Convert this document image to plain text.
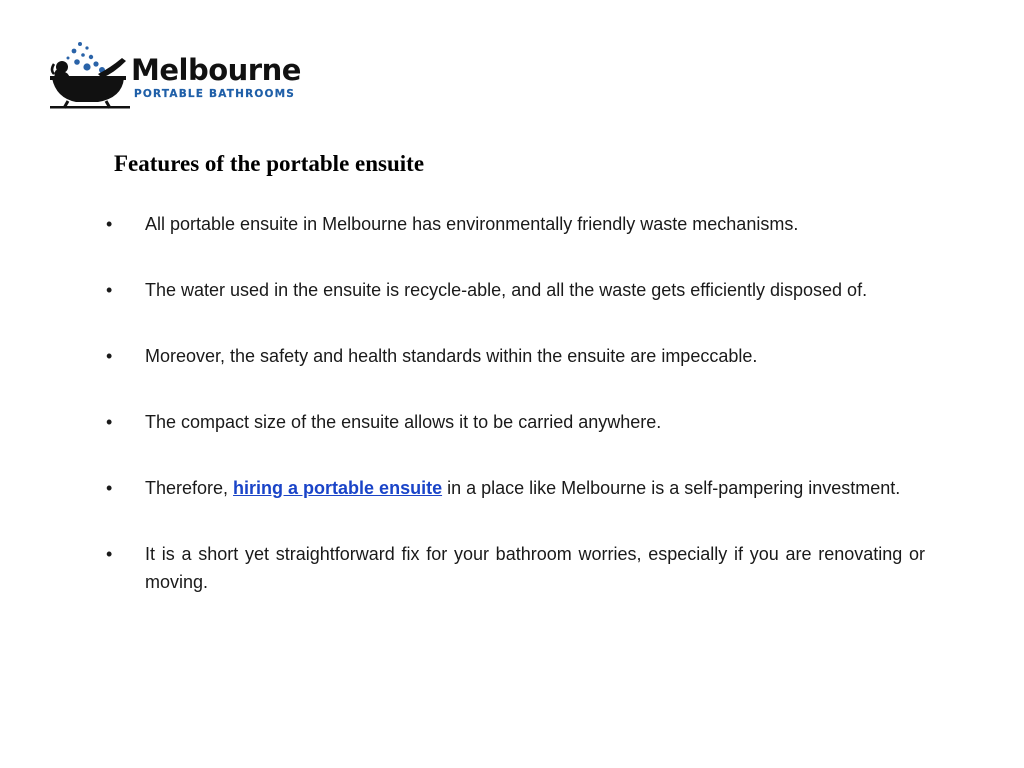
Melbourne
PORTABLE BATHROOMS
Features of the portable ensuite
• All portable ensuite in Melbourne has environmentally friendly waste mechanisms.
• The water used in the ensuite is recycle-able, and all the waste gets efficiently disposed of.
• Moreover, the safety and health standards within the ensuite are impeccable.
• The compact size of the ensuite allows it to be carried anywhere.
• Therefore, hiring a portable ensuite in a place like Melbourne is a self-pampering investment.
• It is a short yet straightforward fix for your bathroom worries, especially if you are renovating or moving.
